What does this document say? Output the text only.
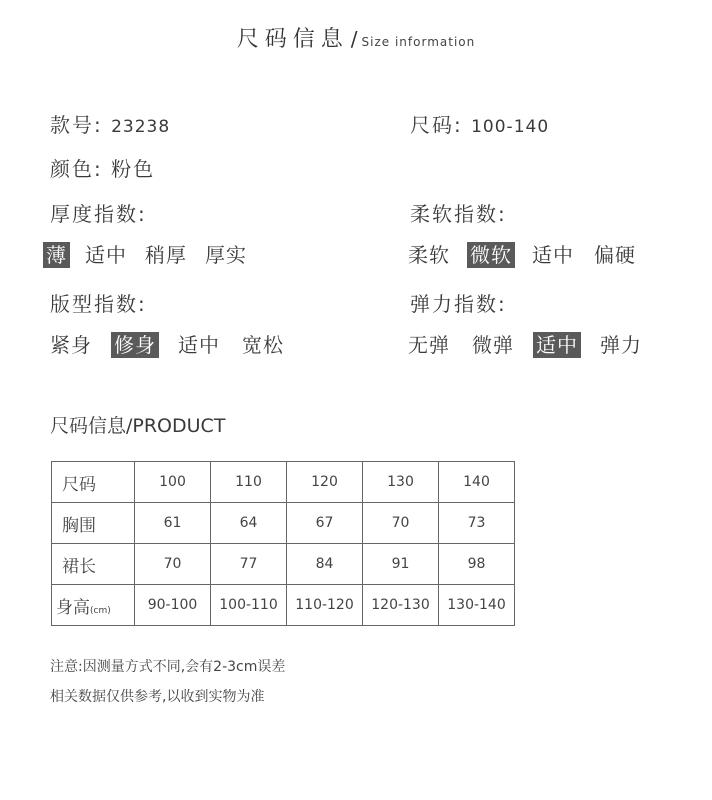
尺码信息 / Size information
款号: 23238	尺码: 100-140
颜色: 粉色
厚度指数:	柔软指数:
薄 适中 稍厚 厚实	柔软 微软 适中 偏硬
版型指数:	弹力指数:
紧身 修身 适中 宽松	无弹 微弹 适中 弹力
尺码信息/PRODUCT
尺码	100	110	120	130	140
胸围	61	64	67	70	73
裙长	70	77	84	91	98
身高(cm)	90-100	100-110	110-120	120-130	130-140
注意:因测量方式不同,会有2-3cm误差
相关数据仅供参考,以收到实物为准
